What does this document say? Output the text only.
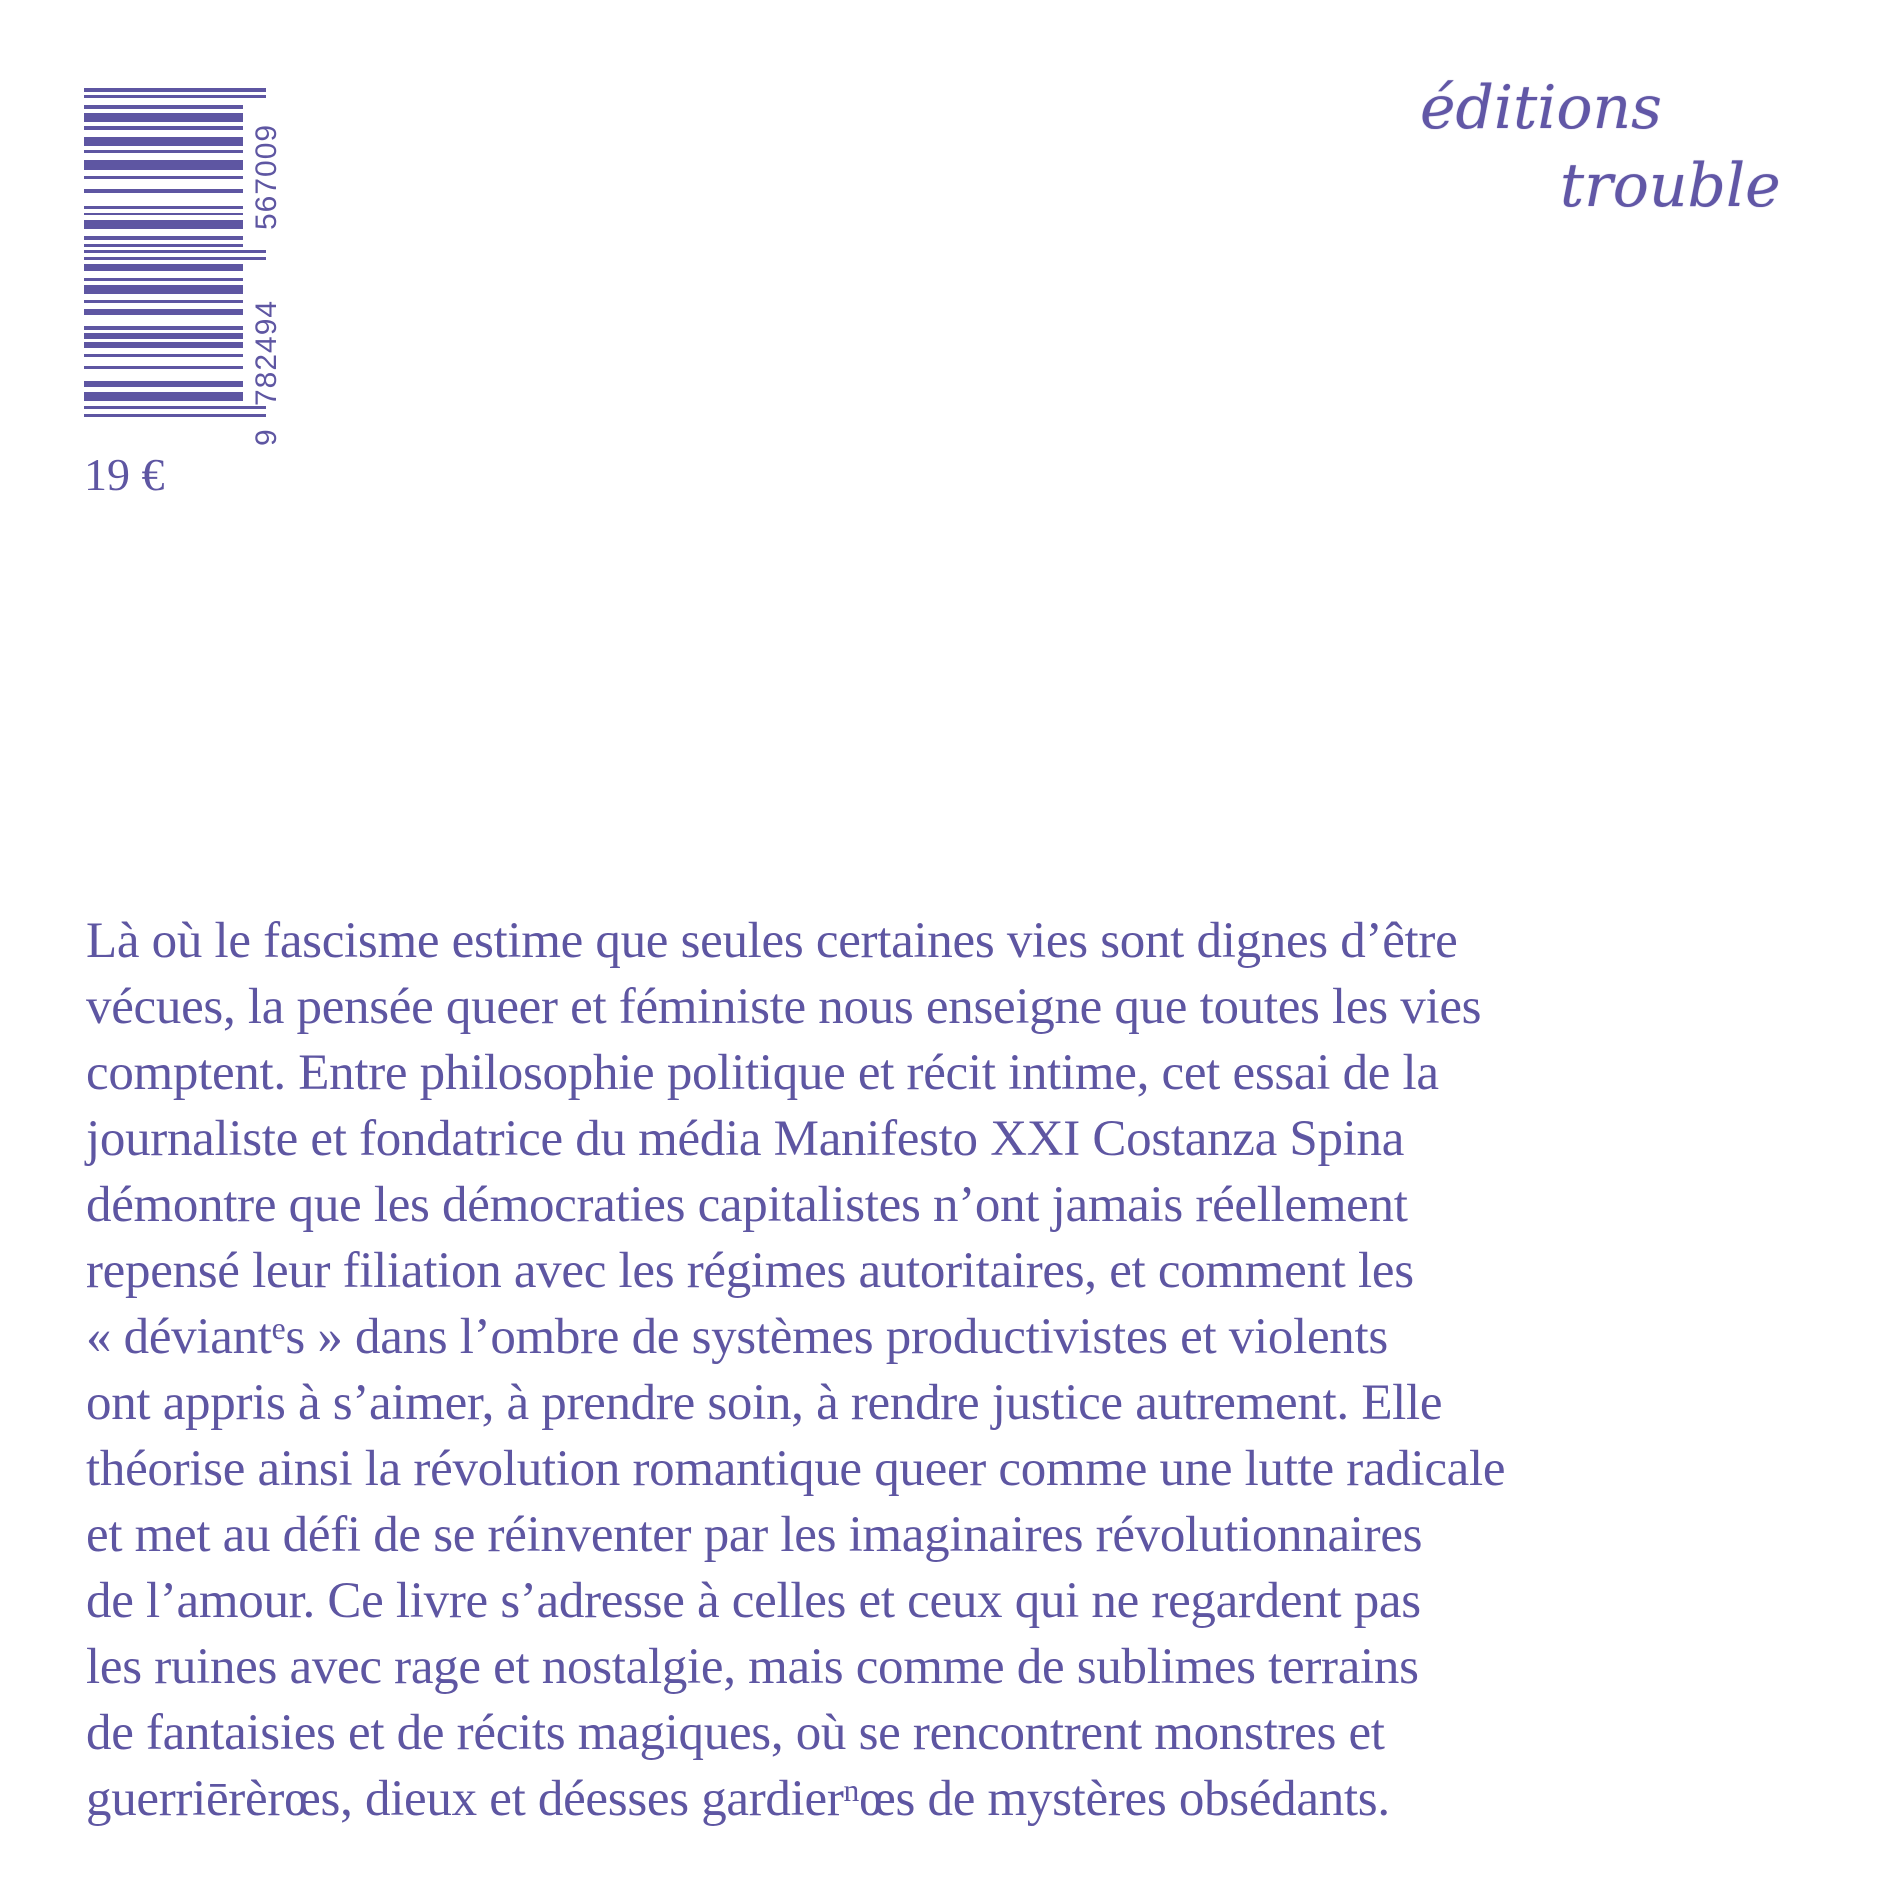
9
782494
567009
19 €
éditions
trouble
Là où le fascisme estime que seules certaines vies sont dignes d’être
vécues, la pensée queer et féministe nous enseigne que toutes les vies
comptent. Entre philosophie politique et récit intime, cet essai de la
journaliste et fondatrice du média Manifesto XXI Costanza Spina
démontre que les démocraties capitalistes n’ont jamais réellement
repensé leur filiation avec les régimes autoritaires, et comment les
« déviant$^e$s » dans l’ombre de systèmes productivistes et violents
ont appris à s’aimer, à prendre soin, à rendre justice autrement. Elle
théorise ainsi la révolution romantique queer comme une lutte radicale
et met au défi de se réinventer par les imaginaires révolutionnaires
de l’amour. Ce livre s’adresse à celles et ceux qui ne regardent pas
les ruines avec rage et nostalgie, mais comme de sublimes terrains
de fantaisies et de récits magiques, où se rencontrent monstres et
guerriērèrœs, dieux et déesses gardier$^n$œs de mystères obsédants.
